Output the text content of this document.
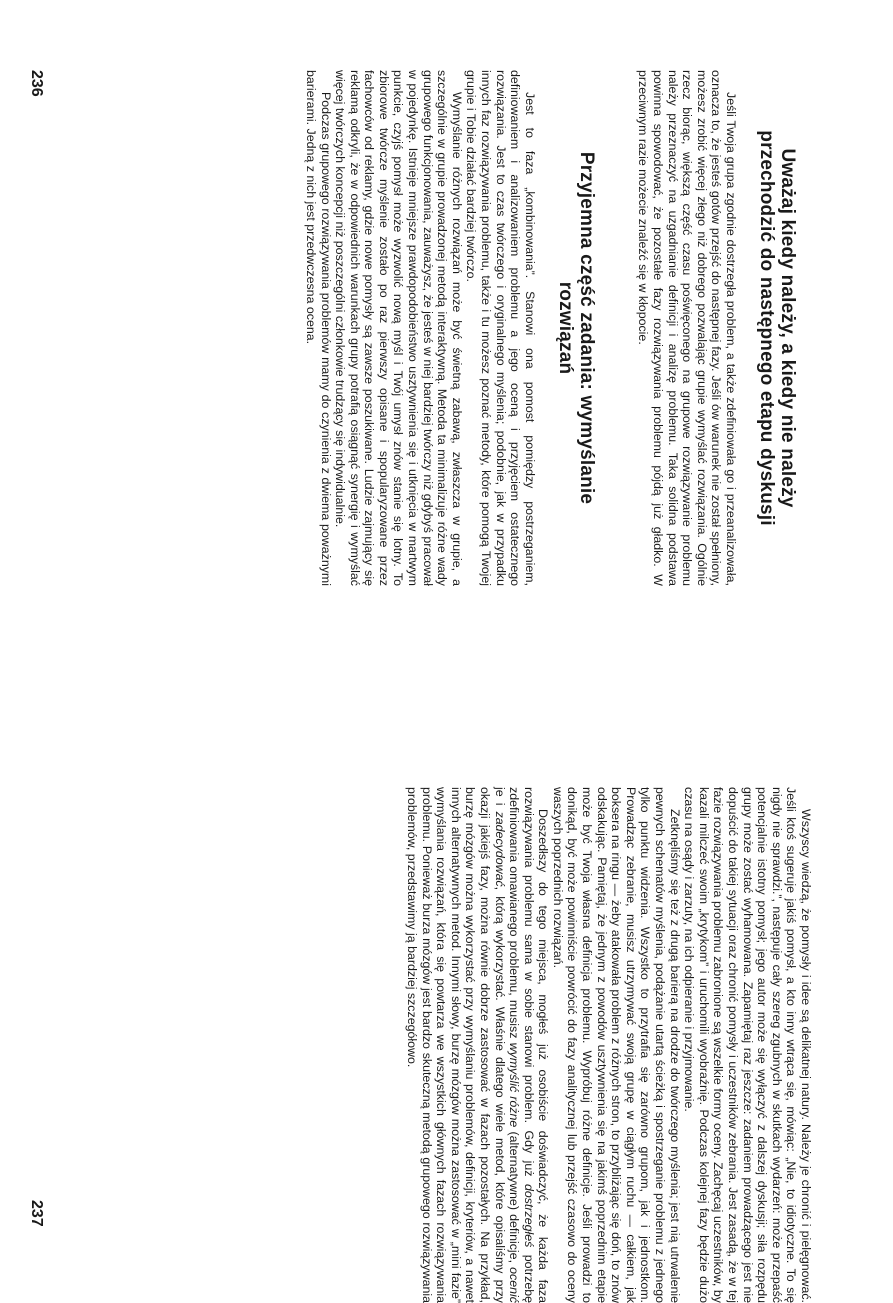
Uważaj kiedy należy, a kiedy nie należy
przechodzić do następnego etapu dyskusji

Jeśli Twoja grupa zgodnie dostrzegła problem, a także zdefiniowała go i przeanalizowała, oznacza to, że jesteś gotów przejść do następnej fazy. Jeśli ów warunek nie został spełniony, możesz zrobić więcej złego niż dobrego pozwalając grupie wymyślać rozwiązania. Ogólnie rzecz biorąc, większą część czasu poświęconego na grupowe rozwiązywanie problemu należy przeznaczyć na uzgadnianie definicji i analizę problemu. Taka solidna podstawa powinna spowodować, że pozostałe fazy rozwiązywania problemu pójdą już gładko. W przeciwnym razie możecie znaleźć się w kłopocie.

Przyjemna część zadania: wymyślanie
rozwiązań

Jest to faza „kombinowania”. Stanowi ona pomost pomiędzy postrzeganiem, definiowaniem i analizowaniem problemu a jego oceną i przyjęciem ostatecznego rozwiązania. Jest to czas twórczego i oryginalnego myślenia; podobnie, jak w przypadku innych faz rozwiązywania problemu, także i tu możesz poznać metody, które pomogą Twojej grupie i Tobie działać bardziej twórczo.

Wymyślanie różnych rozwiązań może być świetną zabawą, zwłaszcza w grupie, a szczególnie w grupie prowadzonej metodą interaktywną. Metoda ta minimalizuje różne wady grupowego funkcjonowania, zauważysz, że jesteś w niej bardziej twórczy niż gdybyś pracował w pojedynkę. Istnieje mniejsze prawdopodobieństwo usztywnienia się i utknięcia w martwym punkcie, czyjś pomysł może wyzwolić nową myśl i Twój umysł znów stanie się lotny. To zbiorowe twórcze myślenie zostało po raz pierwszy opisane i spopularyzowane przez fachowców od reklamy, gdzie nowe pomysły są zawsze poszukiwane. Ludzie zajmujący się reklamą odkryli, że w odpowiednich warunkach grupy potrafią osiągnąć synergię i wymyślać więcej twórczych koncepcji niż poszczególni członkowie trudzący się indywidualnie.

Podczas grupowego rozwiązywania problemów mamy do czynienia z dwiema poważnymi barierami. Jedną z nich jest przedwczesna ocena.

236

Wszyscy wiedzą, że pomysły i idee są delikatnej natury. Należy je chronić i pielęgnować. Jeśli ktoś sugeruje jakiś pomysł, a kto inny wtrąca się, mówiąc: „Nie, to idiotyczne. To się nigdy nie sprawdzi.”, następuje cały szereg zgubnych w skutkach wydarzeń: może przepaść potencjalnie istotny pomysł; jego autor może się wyłączyć z dalszej dyskusji; siła rozpędu grupy może zostać wyhamowana. Zapamiętaj raz jeszcze: zadaniem prowadzącego jest nie dopuścić do takiej sytuacji oraz chronić pomysły i uczestników zebrania. Jest zasadą, że w tej fazie rozwiązywania problemu zabronione są wszelkie formy oceny. Zachęcaj uczestników, by kazali milczeć swoim „krytykom” i uruchomili wyobraźnię. Podczas kolejnej fazy będzie dużo czasu na osądy i zarzuty, na ich odpieranie i przyjmowanie.

Zetknęliśmy się też z drugą barierą na drodze do twórczego myślenia; jest nią utrwalenie pewnych schematów myślenia, podążanie utartą ścieżką i spostrzeganie problemu z jednego tylko punktu widzenia. Wszystko to przytrafia się zarówno grupom, jak i jednostkom. Prowadząc zebranie, musisz utrzymywać swoją grupę w ciągłym ruchu — całkiem, jak boksera na ringu — żeby atakowała problem z różnych stron, to przybliżając się doń, to znów odskakując. Pamiętaj, że jednym z powodów usztywnienia się na jakimś poprzednim etapie może być Twoja własna definicja problemu. Wypróbuj różne definicje. Jeśli prowadzi to donikąd, być może powinniście powrócić do fazy analitycznej lub przejść czasowo do oceny waszych poprzednich rozwiązań.

Doszedłszy do tego miejsca, mogłeś już osobiście doświadczyć, że każda faza rozwiązywania problemu sama w sobie stanowi problem. Gdy już dostrzegłeś potrzebę zdefiniowania omawianego problemu, musisz wymyślić różne (alternatywne) definicje, ocenić je i zadecydować, którą wykorzystać. Właśnie dlatego wiele metod, które opisaliśmy przy okazji jakiejś fazy, można równie dobrze zastosować w fazach pozostałych. Na przykład, burzę mózgów można wykorzystać przy wymyślaniu problemów, definicji, kryteriów, a nawet innych alternatywnych metod. Innymi słowy, burzę mózgów można zastosować w „mini fazie” wymyślania rozwiązań, która się powtarza we wszystkich głównych fazach rozwiązywania problemu. Ponieważ burza mózgów jest bardzo skuteczną metodą grupowego rozwiązywania problemów, przedstawimy ją bardziej szczegółowo.

237
